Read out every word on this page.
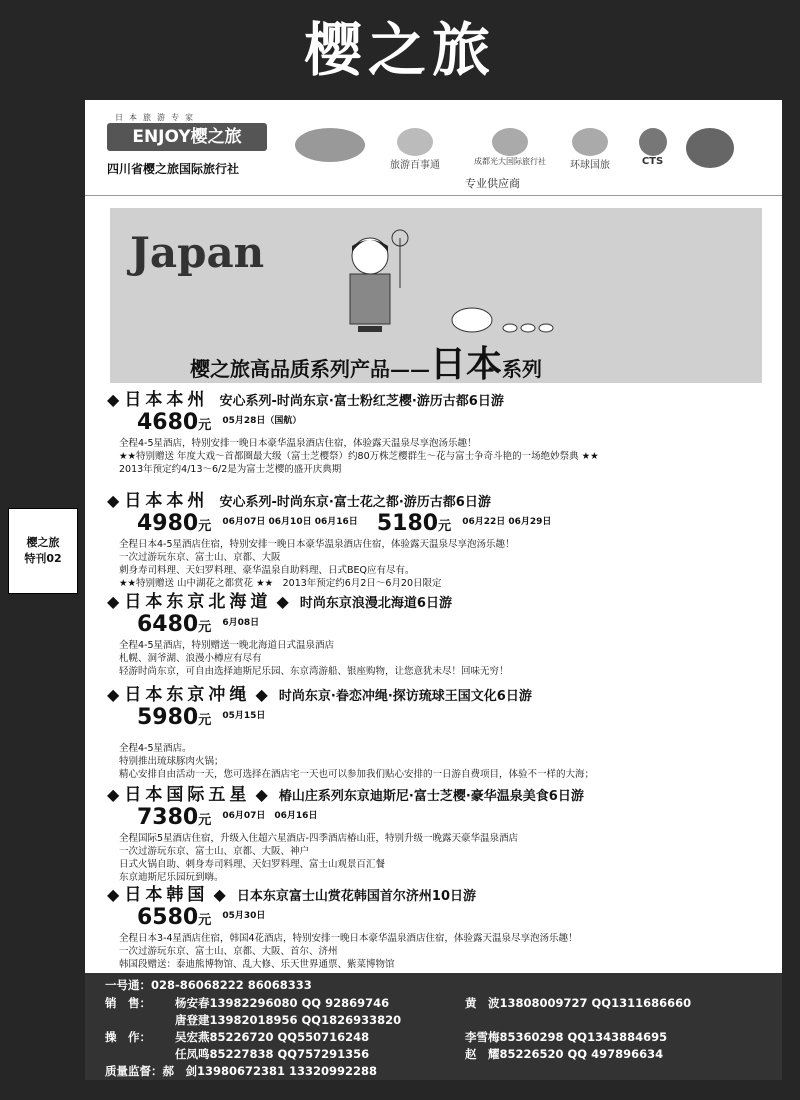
樱之旅
樱之旅
特刊02
日本旅游专家
ENJOY樱之旅
四川省樱之旅国际旅行社	旅游百事通	成都光大国际旅行社	环球国旅	CTS
专业供应商
Japan
樱之旅高品质系列产品——日本系列
◆ 日本本州 安心系列-时尚东京·富士粉红芝樱·游历古都6日游
4680元 $^{05月28日(国航)}$
全程4-5星酒店，特别安排一晚日本豪华温泉酒店住宿，体验露天温泉尽享泡汤乐趣！
★★特别赠送 年度大戏～首都圈最大级（富士芝樱祭）约80万株芝樱群生～花与富士争奇斗艳的一场绝妙祭典 ★★
2013年预定约4/13～6/2是为富士芝樱的盛开庆典期
◆ 日本本州 安心系列-时尚东京·富士花之都·游历古都6日游
4980元 $^{06月07日 06月10日 06月16日}$ 5180元 $^{06月22日 06月29日}$
全程日本4-5星酒店住宿，特别安排一晚日本豪华温泉酒店住宿，体验露天温泉尽享泡汤乐趣！
一次过游玩东京、富士山、京都、大阪
刺身寿司料理、天妇罗料理、豪华温泉自助料理、日式BEQ应有尽有。
★★特别赠送 山中湖花之都赏花 ★★　2013年预定约6月2日～6月20日限定
◆ 日本东京北海道 ◆ 时尚东京浪漫北海道6日游
6480元 $^{6月08日}$
全程4-5星酒店，特别赠送一晚北海道日式温泉酒店
札幌、洞爷湖、浪漫小樽应有尽有
轻游时尚东京，可自由选择迪斯尼乐园、东京湾游船、银座购物，让您意犹未尽！回味无穷！
◆ 日本东京冲绳 ◆ 时尚东京·眷恋冲绳·探访琉球王国文化6日游
5980元 $^{05月15日}$
全程4-5星酒店。
特别推出琉球豚肉火锅；
精心安排自由活动一天，您可选择在酒店宅一天也可以参加我们贴心安排的一日游自费项目，体验不一样的大海；
◆ 日本国际五星 ◆ 椿山庄系列东京迪斯尼·富士芝樱·豪华温泉美食6日游
7380元 $^{06月07日 06月16日}$
全程国际5星酒店住宿，升级入住超六星酒店-四季酒店椿山莊，特别升级一晚露天豪华温泉酒店
一次过游玩东京、富士山、京都、大阪、神户
日式火锅自助、刺身寿司料理、天妇罗料理、富士山观景百汇餐
东京迪斯尼乐园玩到嗨。
◆ 日本韩国 ◆ 日本东京富士山赏花韩国首尔济州10日游
6580元 $^{05月30日}$
全程日本3-4星酒店住宿，韩国4花酒店，特别安排一晚日本豪华温泉酒店住宿，体验露天温泉尽享泡汤乐趣！
一次过游玩东京、富士山、京都、大阪、首尔、济州
韩国段赠送：泰迪熊博物馆、乱大修、乐天世界通票、紫菜博物馆
一号通：028-86068222 86068333
销　售： 杨安春13982296080 QQ 92869746	黄　波13808009727 QQ1311686660
唐登建13982018956 QQ1826933820
操　作： 吴宏燕85226720 QQ550716248	李雪梅85360298 QQ1343884695
任凤鸣85227838 QQ757291356	赵　耀85226520 QQ 497896634
质量监督：郝　剑13980672381 13320992288
